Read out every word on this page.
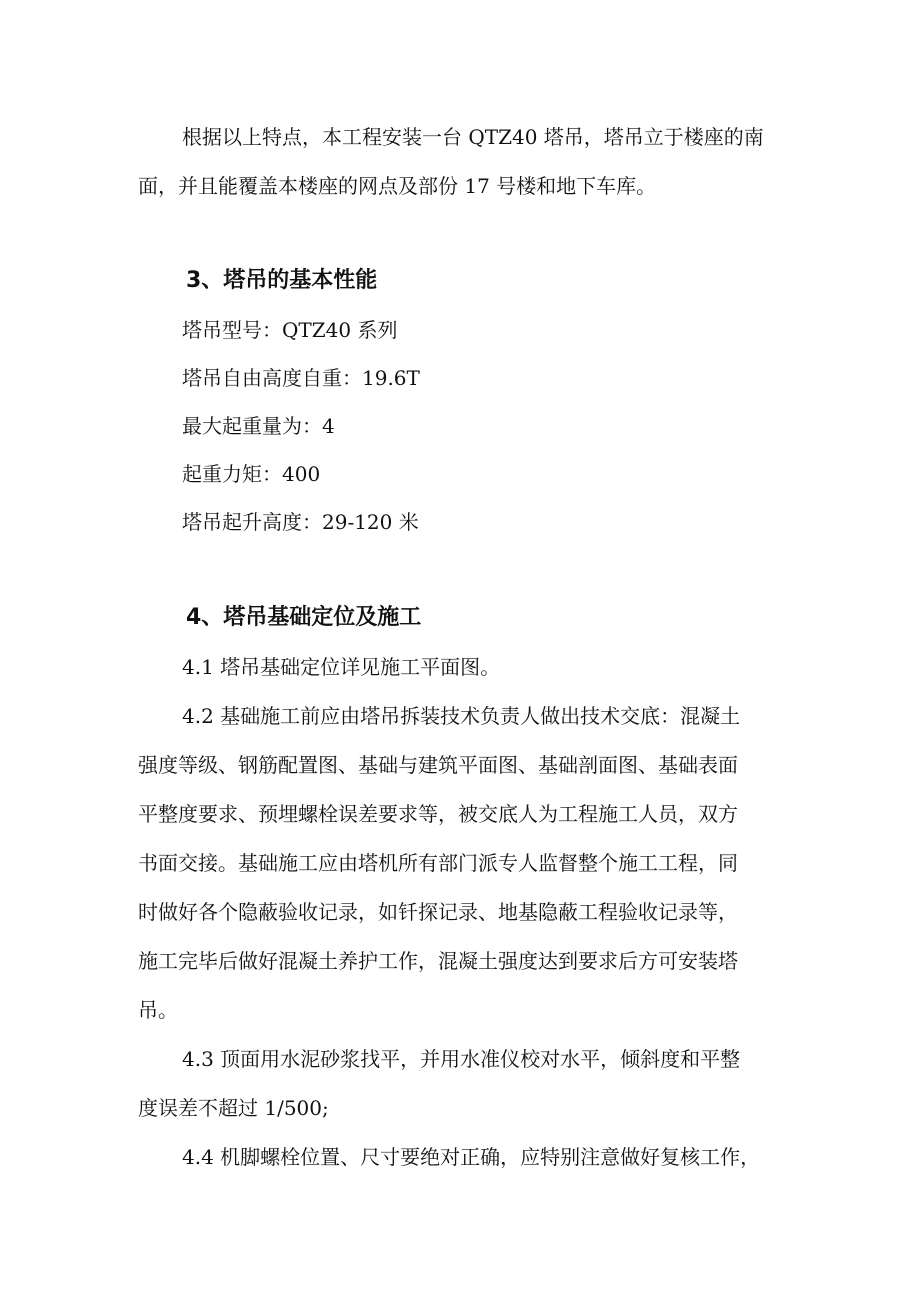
根据以上特点，本工程安装一台 QTZ40 塔吊，塔吊立于楼座的南
面，并且能覆盖本楼座的网点及部份 17 号楼和地下车库。
3、塔吊的基本性能
塔吊型号：QTZ40 系列
塔吊自由高度自重：19.6T
最大起重量为：4
起重力矩：400
塔吊起升高度：29-120 米
4、塔吊基础定位及施工
4.1 塔吊基础定位详见施工平面图。
4.2 基础施工前应由塔吊拆装技术负责人做出技术交底：混凝土
强度等级、钢筋配置图、基础与建筑平面图、基础剖面图、基础表面
平整度要求、预埋螺栓误差要求等，被交底人为工程施工人员，双方
书面交接。基础施工应由塔机所有部门派专人监督整个施工工程，同
时做好各个隐蔽验收记录，如钎探记录、地基隐蔽工程验收记录等，
施工完毕后做好混凝土养护工作，混凝土强度达到要求后方可安装塔
吊。
4.3 顶面用水泥砂浆找平，并用水准仪校对水平，倾斜度和平整
度误差不超过 1/500;
4.4 机脚螺栓位置、尺寸要绝对正确，应特别注意做好复核工作，
